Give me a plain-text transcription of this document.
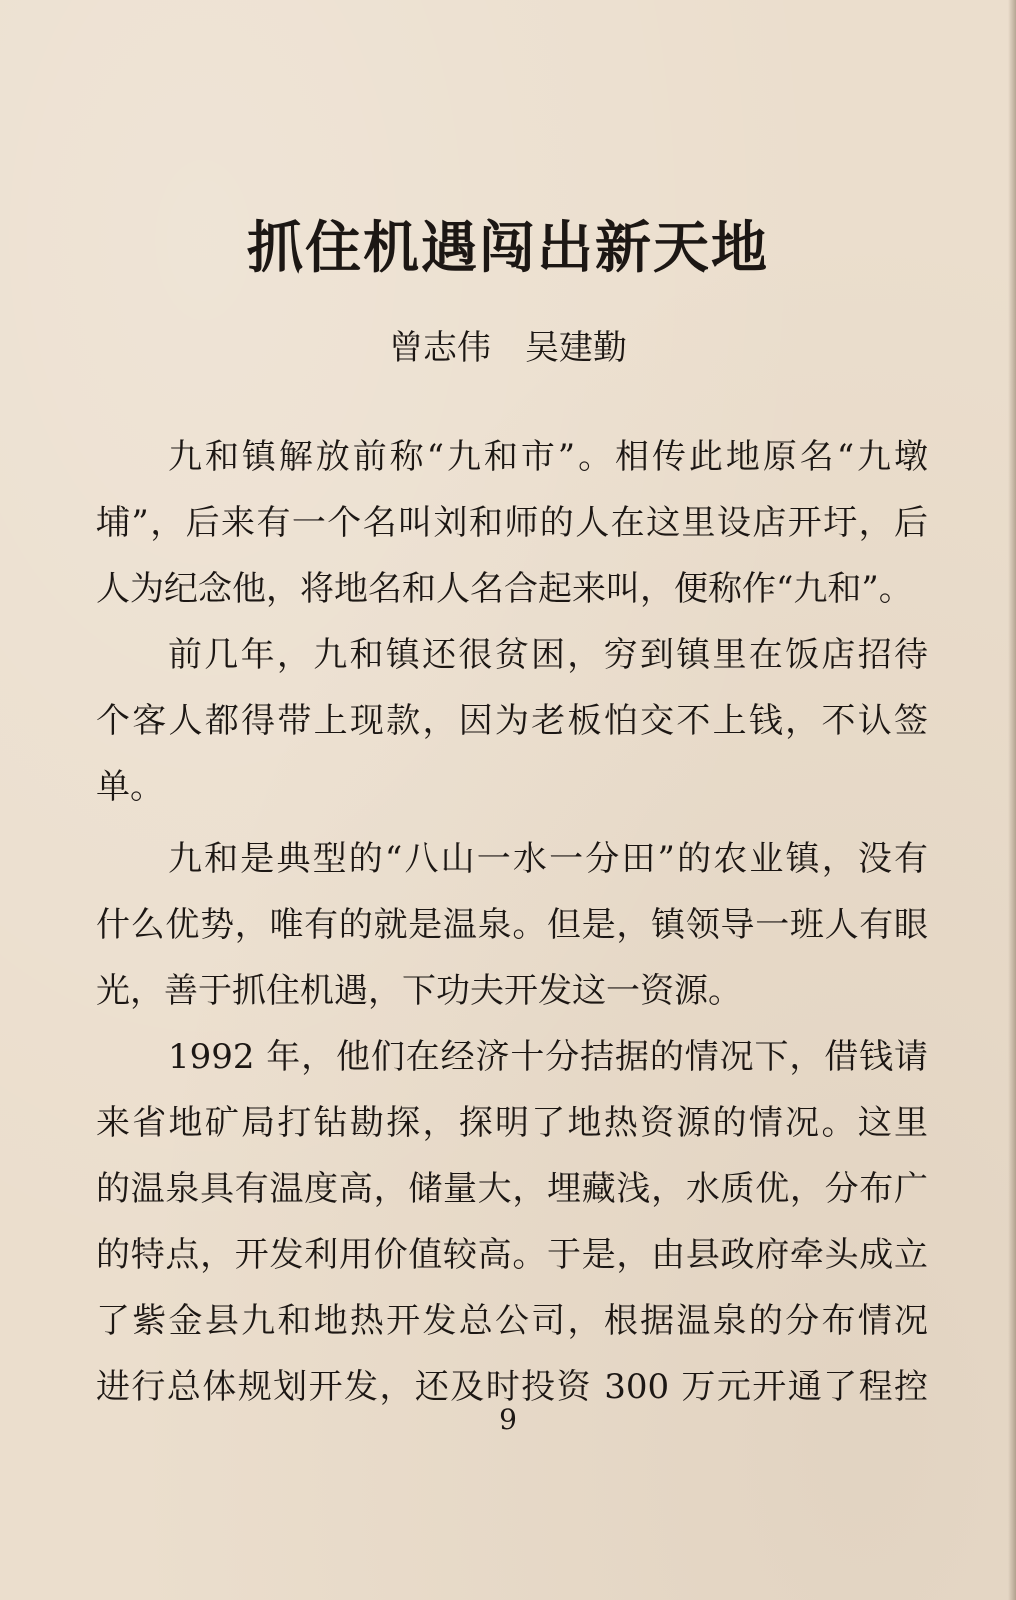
抓住机遇闯出新天地
曾志伟 吴建勤
九和镇解放前称“九和市”。相传此地原名“九墩
埔”，后来有一个名叫刘和师的人在这里设店开圩，后
人为纪念他，将地名和人名合起来叫，便称作“九和”。
前几年，九和镇还很贫困，穷到镇里在饭店招待
个客人都得带上现款，因为老板怕交不上钱，不认签
单。
九和是典型的“八山一水一分田”的农业镇，没有
什么优势，唯有的就是温泉。但是，镇领导一班人有眼
光，善于抓住机遇，下功夫开发这一资源。
1992 年，他们在经济十分拮据的情况下，借钱请
来省地矿局打钻勘探，探明了地热资源的情况。这里
的温泉具有温度高，储量大，埋藏浅，水质优，分布广
的特点，开发利用价值较高。于是，由县政府牵头成立
了紫金县九和地热开发总公司，根据温泉的分布情况
进行总体规划开发，还及时投资 300 万元开通了程控
9
